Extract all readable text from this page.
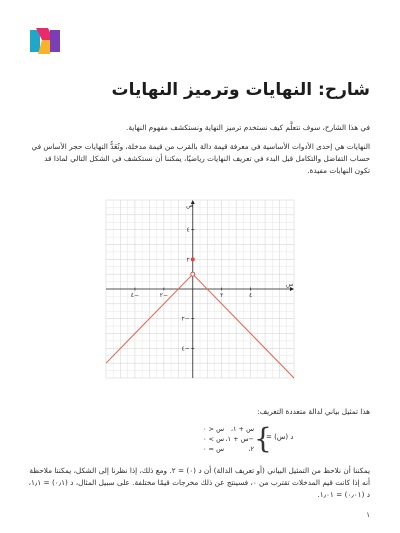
شارح: النهايات وترميز النهايات

في هذا الشارح، سوف نتعلَّم كيف نستخدم ترميز النهاية ونستكشف مفهوم النهاية.

النهايات هي إحدى الأدوات الأساسية في معرفة قيمة دالة بالقرب من قيمة مدخلة، وتُعَدُّ النهايات حجر الأساس في حساب التفاضل والتكامل قبل البدء في تعريف النهايات رياضيًا، يمكننا أن نستكشف في الشكل التالي لماذا قد تكون النهايات مفيدة.

س
ص
٤−	٢−	٢	٤
٤
٢
٢−
٤−

هذا تمثيل بياني لدالة متعددة التعريف:

د (س) =
{
س + ١،
س < ٠
−س + ١،
س > ٠
٢،
س = ٠

يمكننا أن نلاحظ من التمثيل البياني (أو تعريف الدالة) أن د (٠) = ٢. ومع ذلك، إذا نظرنا إلى الشكل، يمكننا ملاحظة أنه إذا كانت قيم المدخلات تقترب من ٠، فسينتج عن ذلك مخرجات قيمًا مختلفة. على سبيل المثال، د (٠٫١) = ١٫١، د (٠٫٠١) = ١٫٠١.

١
